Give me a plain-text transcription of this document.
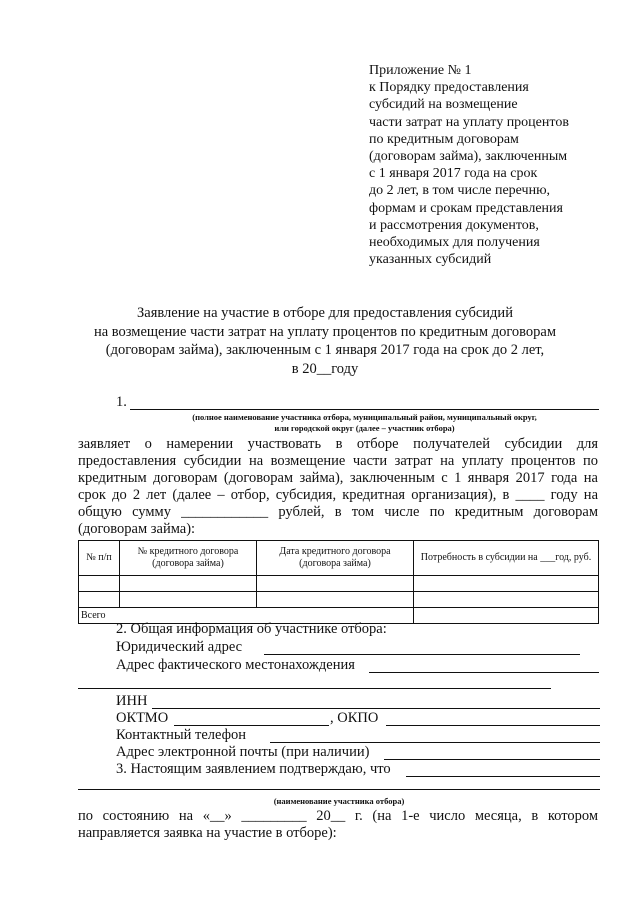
Приложение № 1
к Порядку предоставления
субсидий на возмещение
части затрат на уплату процентов
по кредитным договорам
(договорам займа), заключенным
с 1 января 2017 года на срок
до 2 лет, в том числе перечню,
формам и срокам представления
и рассмотрения документов,
необходимых для получения
указанных субсидий
Заявление на участие в отборе для предоставления субсидий
на возмещение части затрат на уплату процентов по кредитным договорам
(договорам займа), заключенным с 1 января 2017 года на срок до 2 лет,
в 20__году
1.
(полное наименование участника отбора, муниципальный район, муниципальный округ,
или городской округ (далее – участник отбора)
заявляет о намерении участвовать в отборе получателей субсидии для предоставления субсидии на возмещение части затрат на уплату процентов по кредитным договорам (договорам займа), заключенным с 1 января 2017 года на срок до 2 лет (далее – отбор, субсидия, кредитная организация), в ____ году на общую сумму ____________ рублей, в том числе по кредитным договорам (договорам займа):
№ п/п	№ кредитного договора (договора займа)	Дата кредитного договора (договора займа)	Потребность в субсидии на ___год, руб.

Всего			
2. Общая информация об участнике отбора:
Юридический адрес
Адрес фактического местонахождения
ИНН
ОКТМО	, ОКПО
Контактный телефон
Адрес электронной почты (при наличии)
3. Настоящим заявлением подтверждаю, что
(наименование участника отбора)
по состоянию на «__» _________ 20__ г. (на 1-е число месяца, в котором направляется заявка на участие в отборе):
